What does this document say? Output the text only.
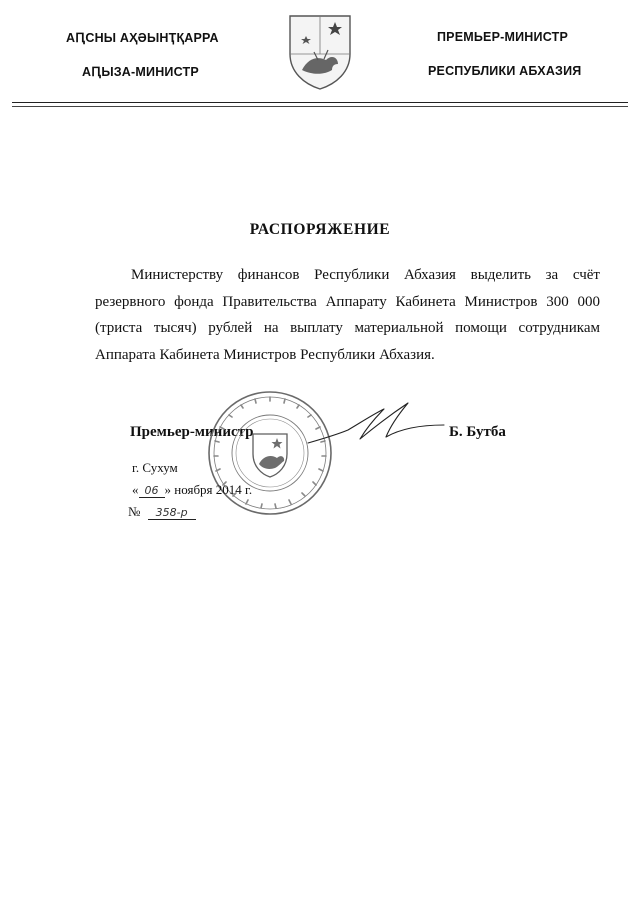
АԤСНЫ АҲӘЫНҬҚАРРА
АԤЫЗА-МИНИСТР
ПРЕМЬЕР-МИНИСТР
РЕСПУБЛИКИ АБХАЗИЯ
РАСПОРЯЖЕНИЕ

Министерству финансов Республики Абхазия выделить за счёт резервного фонда Правительства Аппарату Кабинета Министров 300 000 (триста тысяч) рублей на выплату материальной помощи сотрудникам Аппарата Кабинета Министров Республики Абхазия.

Премьер-министр	Б. Бутба
г. Сухум
« 06 » ноября 2014 г.
№ 358-р
